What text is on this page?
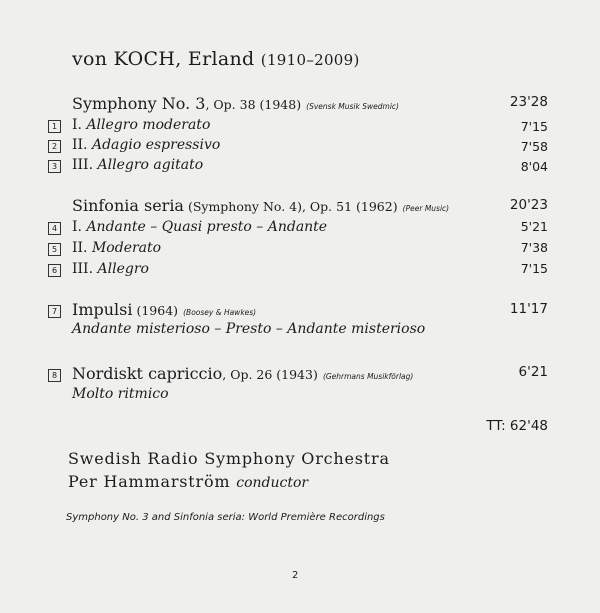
von KOCH, Erland (1910–2009)
Symphony No. 3, Op. 38 (1948) (Svensk Musik Swedmic)	23'28
1 I. Allegro moderato	7'15
2 II. Adagio espressivo	7'58
3 III. Allegro agitato	8'04
Sinfonia seria (Symphony No. 4), Op. 51 (1962) (Peer Music)	20'23
4 I. Andante – Quasi presto – Andante	5'21
5 II. Moderato	7'38
6 III. Allegro	7'15
7 Impulsi (1964) (Boosey & Hawkes)	11'17
Andante misterioso – Presto – Andante misterioso
8 Nordiskt capriccio, Op. 26 (1943) (Gehrmans Musikförlag)	6'21
Molto ritmico
TT: 62'48
Swedish Radio Symphony Orchestra
Per Hammarström conductor
Symphony No. 3 and Sinfonia seria: World Première Recordings
2
